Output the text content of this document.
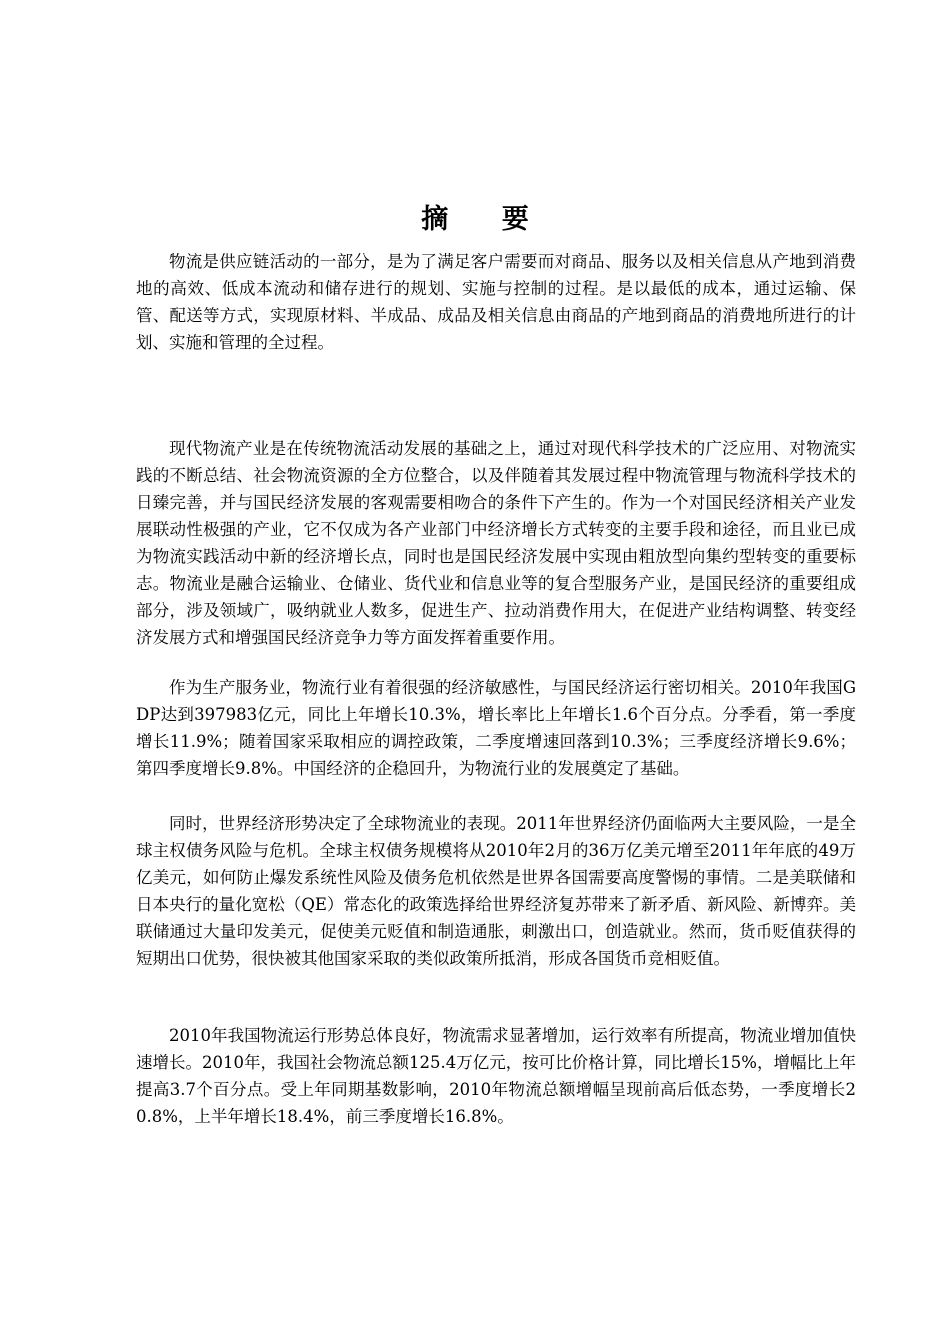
摘 要

物流是供应链活动的一部分，是为了满足客户需要而对商品、服务以及相关信息从产地到消费地的高效、低成本流动和储存进行的规划、实施与控制的过程。是以最低的成本，通过运输、保管、配送等方式，实现原材料、半成品、成品及相关信息由商品的产地到商品的消费地所进行的计划、实施和管理的全过程。

现代物流产业是在传统物流活动发展的基础之上，通过对现代科学技术的广泛应用、对物流实践的不断总结、社会物流资源的全方位整合，以及伴随着其发展过程中物流管理与物流科学技术的日臻完善，并与国民经济发展的客观需要相吻合的条件下产生的。作为一个对国民经济相关产业发展联动性极强的产业，它不仅成为各产业部门中经济增长方式转变的主要手段和途径，而且业已成为物流实践活动中新的经济增长点，同时也是国民经济发展中实现由粗放型向集约型转变的重要标志。物流业是融合运输业、仓储业、货代业和信息业等的复合型服务产业，是国民经济的重要组成部分，涉及领域广，吸纳就业人数多，促进生产、拉动消费作用大，在促进产业结构调整、转变经济发展方式和增强国民经济竞争力等方面发挥着重要作用。

作为生产服务业，物流行业有着很强的经济敏感性，与国民经济运行密切相关。2010年我国GDP达到397983亿元，同比上年增长10.3%，增长率比上年增长1.6个百分点。分季看，第一季度增长11.9%；随着国家采取相应的调控政策，二季度增速回落到10.3%；三季度经济增长9.6%；第四季度增长9.8%。中国经济的企稳回升，为物流行业的发展奠定了基础。

同时，世界经济形势决定了全球物流业的表现。2011年世界经济仍面临两大主要风险，一是全球主权债务风险与危机。全球主权债务规模将从2010年2月的36万亿美元增至2011年年底的49万亿美元，如何防止爆发系统性风险及债务危机依然是世界各国需要高度警惕的事情。二是美联储和日本央行的量化宽松（QE）常态化的政策选择给世界经济复苏带来了新矛盾、新风险、新博弈。美联储通过大量印发美元，促使美元贬值和制造通胀，刺激出口，创造就业。然而，货币贬值获得的短期出口优势，很快被其他国家采取的类似政策所抵消，形成各国货币竞相贬值。

2010年我国物流运行形势总体良好，物流需求显著增加，运行效率有所提高，物流业增加值快速增长。2010年，我国社会物流总额125.4万亿元，按可比价格计算，同比增长15%，增幅比上年提高3.7个百分点。受上年同期基数影响，2010年物流总额增幅呈现前高后低态势，一季度增长20.8%，上半年增长18.4%，前三季度增长16.8%。
